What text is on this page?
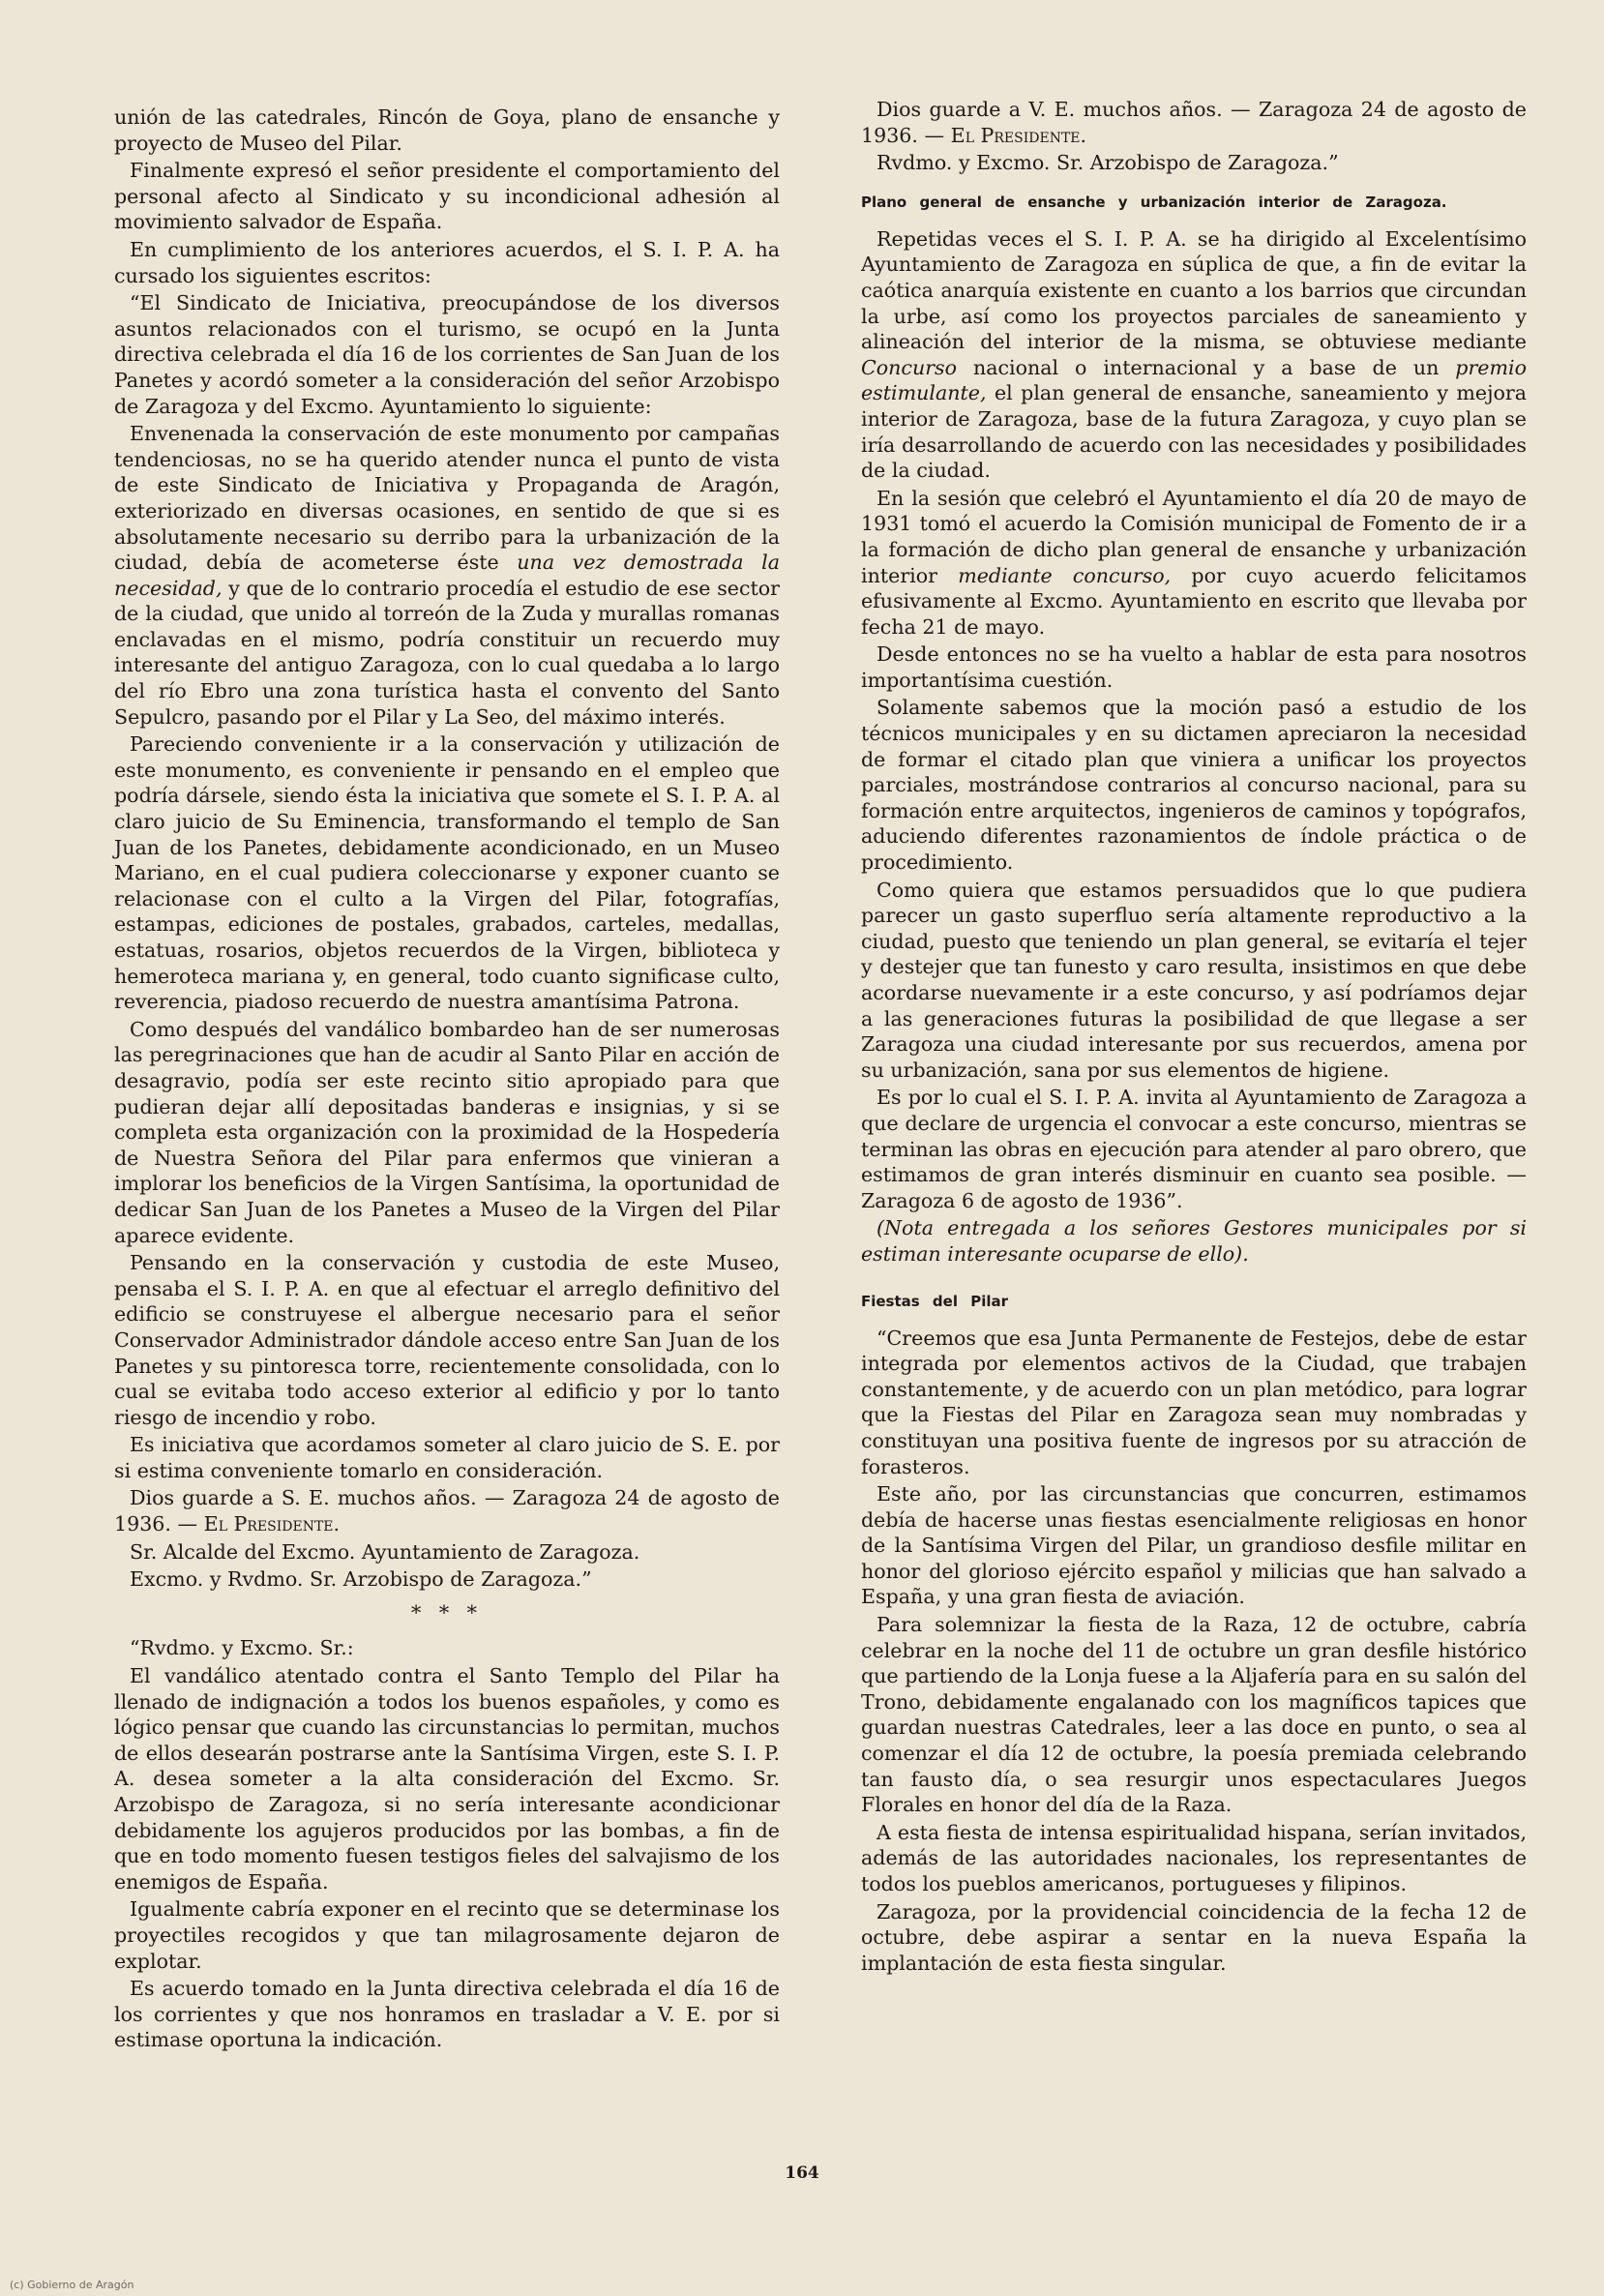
unión de las catedrales, Rincón de Goya, plano de ensanche y proyecto de Museo del Pilar.

Finalmente expresó el señor presidente el comportamiento del personal afecto al Sindicato y su incondicional adhesión al movimiento salvador de España.

En cumplimiento de los anteriores acuerdos, el S. I. P. A. ha cursado los siguientes escritos:

“El Sindicato de Iniciativa, preocupándose de los diversos asuntos relacionados con el turismo, se ocupó en la Junta directiva celebrada el día 16 de los corrientes de San Juan de los Panetes y acordó someter a la consideración del señor Arzobispo de Zaragoza y del Excmo. Ayuntamiento lo siguiente:

Envenenada la conservación de este monumento por campañas tendenciosas, no se ha querido atender nunca el punto de vista de este Sindicato de Iniciativa y Propaganda de Aragón, exteriorizado en diversas ocasiones, en sentido de que si es absolutamente necesario su derribo para la urbanización de la ciudad, debía de acometerse éste una vez demostrada la necesidad, y que de lo contrario procedía el estudio de ese sector de la ciudad, que unido al torreón de la Zuda y murallas romanas enclavadas en el mismo, podría constituir un recuerdo muy interesante del antiguo Zaragoza, con lo cual quedaba a lo largo del río Ebro una zona turística hasta el convento del Santo Sepulcro, pasando por el Pilar y La Seo, del máximo interés.

Pareciendo conveniente ir a la conservación y utilización de este monumento, es conveniente ir pensando en el empleo que podría dársele, siendo ésta la iniciativa que somete el S. I. P. A. al claro juicio de Su Eminencia, transformando el templo de San Juan de los Panetes, debidamente acondicionado, en un Museo Mariano, en el cual pudiera coleccionarse y exponer cuanto se relacionase con el culto a la Virgen del Pilar, fotografías, estampas, ediciones de postales, grabados, carteles, medallas, estatuas, rosarios, objetos recuerdos de la Virgen, biblioteca y hemeroteca mariana y, en general, todo cuanto significase culto, reverencia, piadoso recuerdo de nuestra amantísima Patrona.

Como después del vandálico bombardeo han de ser numerosas las peregrinaciones que han de acudir al Santo Pilar en acción de desagravio, podía ser este recinto sitio apropiado para que pudieran dejar allí depositadas banderas e insignias, y si se completa esta organización con la proximidad de la Hospedería de Nuestra Señora del Pilar para enfermos que vinieran a implorar los beneficios de la Virgen Santísima, la oportunidad de dedicar San Juan de los Panetes a Museo de la Virgen del Pilar aparece evidente.

Pensando en la conservación y custodia de este Museo, pensaba el S. I. P. A. en que al efectuar el arreglo definitivo del edificio se construyese el albergue necesario para el señor Conservador Administrador dándole acceso entre San Juan de los Panetes y su pintoresca torre, recientemente consolidada, con lo cual se evitaba todo acceso exterior al edificio y por lo tanto riesgo de incendio y robo.

Es iniciativa que acordamos someter al claro juicio de S. E. por si estima conveniente tomarlo en consideración.

Dios guarde a S. E. muchos años. — Zaragoza 24 de agosto de 1936. — El Presidente.

Sr. Alcalde del Excmo. Ayuntamiento de Zaragoza.

Excmo. y Rvdmo. Sr. Arzobispo de Zaragoza.”

* * *

“Rvdmo. y Excmo. Sr.:

El vandálico atentado contra el Santo Templo del Pilar ha llenado de indignación a todos los buenos españoles, y como es lógico pensar que cuando las circunstancias lo permitan, muchos de ellos desearán postrarse ante la Santísima Virgen, este S. I. P. A. desea someter a la alta consideración del Excmo. Sr. Arzobispo de Zaragoza, si no sería interesante acondicionar debidamente los agujeros producidos por las bombas, a fin de que en todo momento fuesen testigos fieles del salvajismo de los enemigos de España.

Igualmente cabría exponer en el recinto que se determinase los proyectiles recogidos y que tan milagrosamente dejaron de explotar.

Es acuerdo tomado en la Junta directiva celebrada el día 16 de los corrientes y que nos honramos en trasladar a V. E. por si estimase oportuna la indicación.

Dios guarde a V. E. muchos años. — Zaragoza 24 de agosto de 1936. — El Presidente.

Rvdmo. y Excmo. Sr. Arzobispo de Zaragoza.”

Plano general de ensanche y urbanización interior de Zaragoza.

Repetidas veces el S. I. P. A. se ha dirigido al Excelentísimo Ayuntamiento de Zaragoza en súplica de que, a fin de evitar la caótica anarquía existente en cuanto a los barrios que circundan la urbe, así como los proyectos parciales de saneamiento y alineación del interior de la misma, se obtuviese mediante Concurso nacional o internacional y a base de un premio estimulante, el plan general de ensanche, saneamiento y mejora interior de Zaragoza, base de la futura Zaragoza, y cuyo plan se iría desarrollando de acuerdo con las necesidades y posibilidades de la ciudad.

En la sesión que celebró el Ayuntamiento el día 20 de mayo de 1931 tomó el acuerdo la Comisión municipal de Fomento de ir a la formación de dicho plan general de ensanche y urbanización interior mediante concurso, por cuyo acuerdo felicitamos efusivamente al Excmo. Ayuntamiento en escrito que llevaba por fecha 21 de mayo.

Desde entonces no se ha vuelto a hablar de esta para nosotros importantísima cuestión.

Solamente sabemos que la moción pasó a estudio de los técnicos municipales y en su dictamen apreciaron la necesidad de formar el citado plan que viniera a unificar los proyectos parciales, mostrándose contrarios al concurso nacional, para su formación entre arquitectos, ingenieros de caminos y topógrafos, aduciendo diferentes razonamientos de índole práctica o de procedimiento.

Como quiera que estamos persuadidos que lo que pudiera parecer un gasto superfluo sería altamente reproductivo a la ciudad, puesto que teniendo un plan general, se evitaría el tejer y destejer que tan funesto y caro resulta, insistimos en que debe acordarse nuevamente ir a este concurso, y así podríamos dejar a las generaciones futuras la posibilidad de que llegase a ser Zaragoza una ciudad interesante por sus recuerdos, amena por su urbanización, sana por sus elementos de higiene.

Es por lo cual el S. I. P. A. invita al Ayuntamiento de Zaragoza a que declare de urgencia el convocar a este concurso, mientras se terminan las obras en ejecución para atender al paro obrero, que estimamos de gran interés disminuir en cuanto sea posible. — Zaragoza 6 de agosto de 1936”.

(Nota entregada a los señores Gestores municipales por si estiman interesante ocuparse de ello).

Fiestas del Pilar

“Creemos que esa Junta Permanente de Festejos, debe de estar integrada por elementos activos de la Ciudad, que trabajen constantemente, y de acuerdo con un plan metódico, para lograr que la Fiestas del Pilar en Zaragoza sean muy nombradas y constituyan una positiva fuente de ingresos por su atracción de forasteros.

Este año, por las circunstancias que concurren, estimamos debía de hacerse unas fiestas esencialmente religiosas en honor de la Santísima Virgen del Pilar, un grandioso desfile militar en honor del glorioso ejército español y milicias que han salvado a España, y una gran fiesta de aviación.

Para solemnizar la fiesta de la Raza, 12 de octubre, cabría celebrar en la noche del 11 de octubre un gran desfile histórico que partiendo de la Lonja fuese a la Aljafería para en su salón del Trono, debidamente engalanado con los magníficos tapices que guardan nuestras Catedrales, leer a las doce en punto, o sea al comenzar el día 12 de octubre, la poesía premiada celebrando tan fausto día, o sea resurgir unos espectaculares Juegos Florales en honor del día de la Raza.

A esta fiesta de intensa espiritualidad hispana, serían invitados, además de las autoridades nacionales, los representantes de todos los pueblos americanos, portugueses y filipinos.

Zaragoza, por la providencial coincidencia de la fecha 12 de octubre, debe aspirar a sentar en la nueva España la implantación de esta fiesta singular.

164
(c) Gobierno de Aragón
